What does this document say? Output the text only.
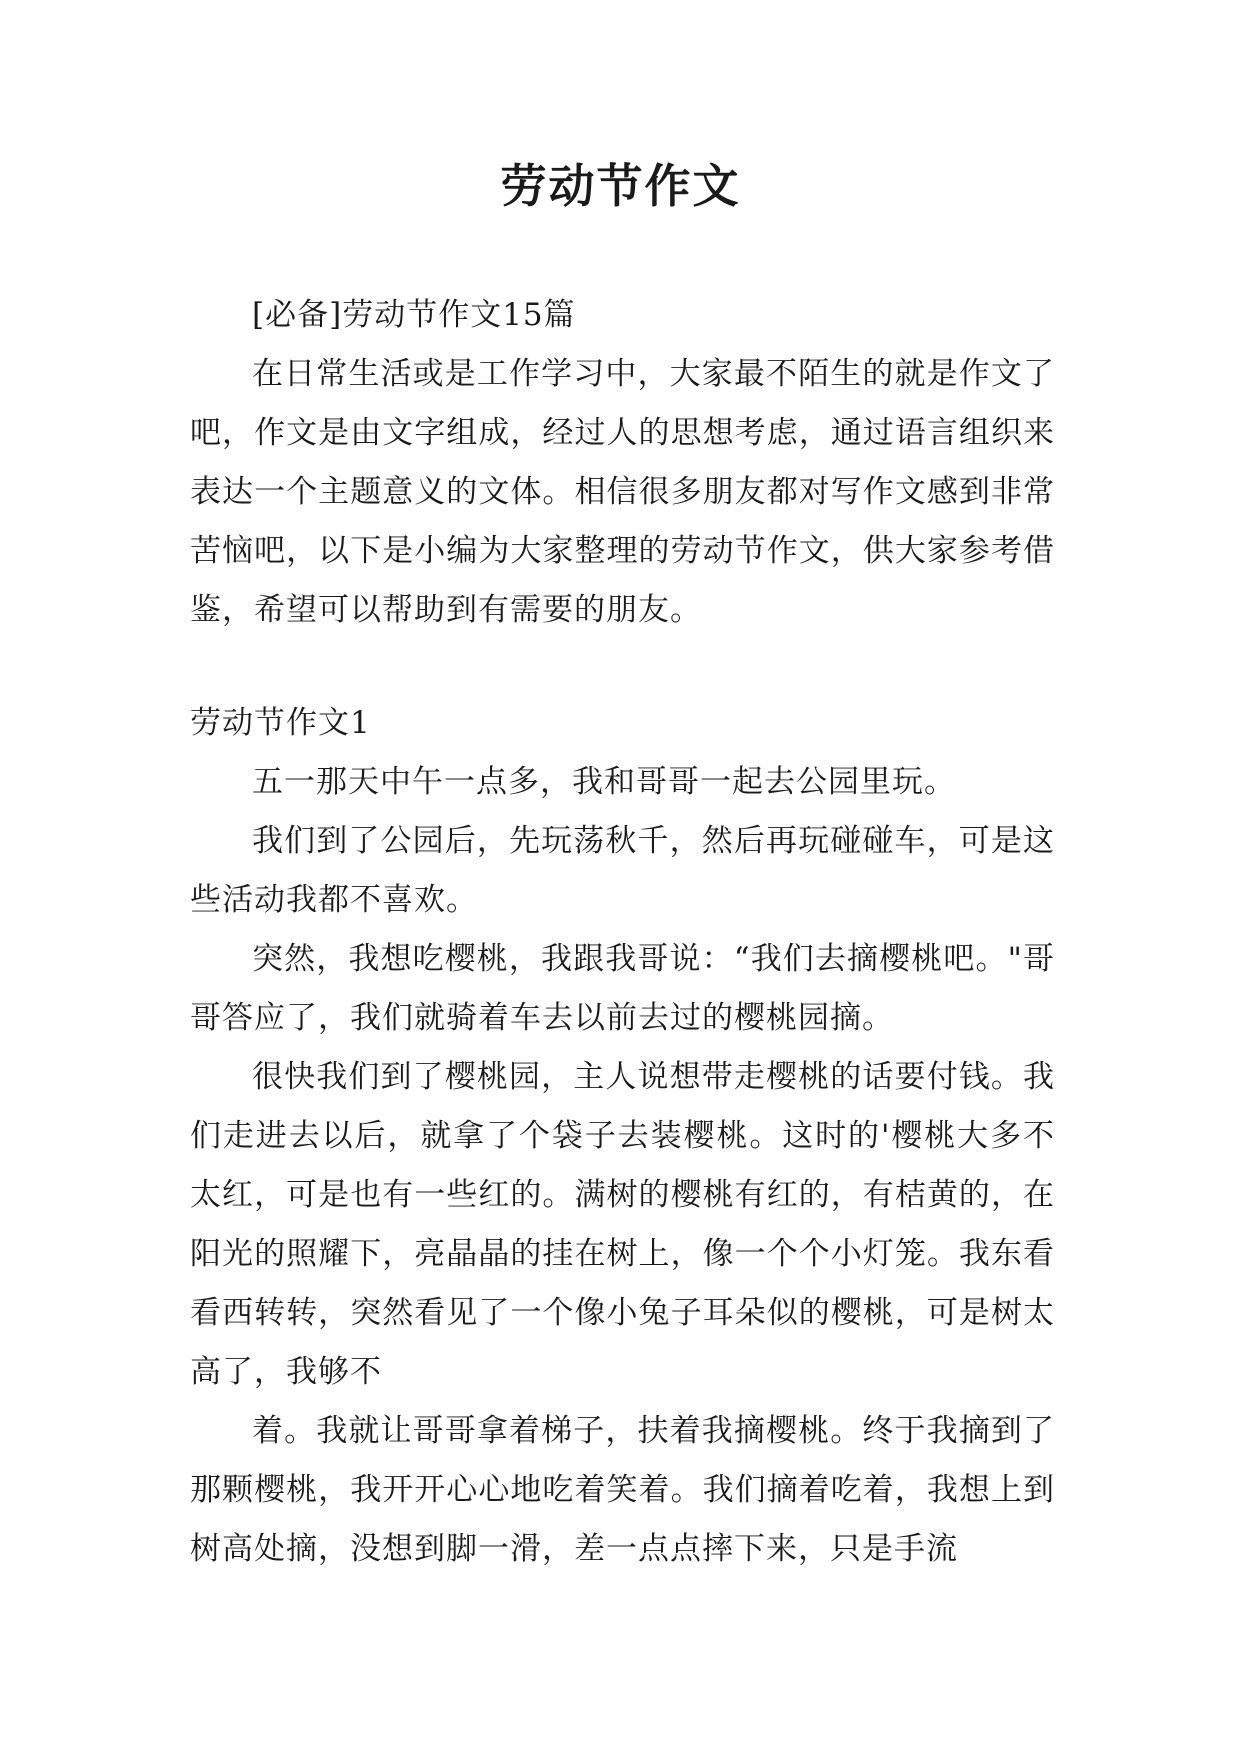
劳动节作文

[必备]劳动节作文15篇

在日常生活或是工作学习中，大家最不陌生的就是作文了吧，作文是由文字组成，经过人的思想考虑，通过语言组织来表达一个主题意义的文体。相信很多朋友都对写作文感到非常苦恼吧，以下是小编为大家整理的劳动节作文，供大家参考借鉴，希望可以帮助到有需要的朋友。

劳动节作文1

五一那天中午一点多，我和哥哥一起去公园里玩。

我们到了公园后，先玩荡秋千，然后再玩碰碰车，可是这些活动我都不喜欢。

突然，我想吃樱桃，我跟我哥说：“我们去摘樱桃吧。"哥哥答应了，我们就骑着车去以前去过的樱桃园摘。

很快我们到了樱桃园，主人说想带走樱桃的话要付钱。我们走进去以后，就拿了个袋子去装樱桃。这时的'樱桃大多不太红，可是也有一些红的。满树的樱桃有红的，有桔黄的，在阳光的照耀下，亮晶晶的挂在树上，像一个个小灯笼。我东看看西转转，突然看见了一个像小兔子耳朵似的樱桃，可是树太高了，我够不

着。我就让哥哥拿着梯子，扶着我摘樱桃。终于我摘到了那颗樱桃，我开开心心地吃着笑着。我们摘着吃着，我想上到树高处摘，没想到脚一滑，差一点点摔下来，只是手流
